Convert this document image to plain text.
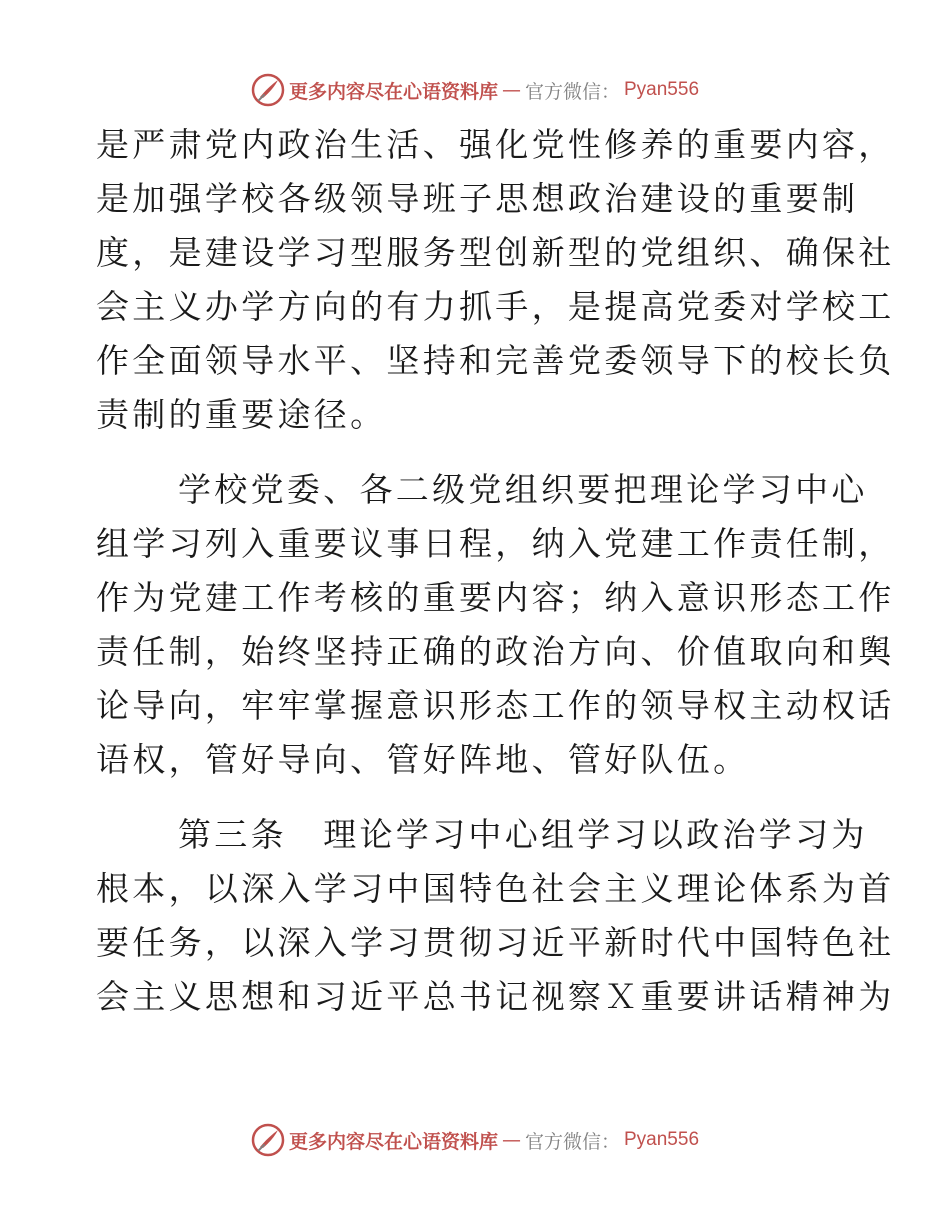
更多内容尽在心语资料库 — 官方微信： Pyan556
是严肃党内政治生活、强化党性修养的重要内容，
是加强学校各级领导班子思想政治建设的重要制
度，是建设学习型服务型创新型的党组织、确保社
会主义办学方向的有力抓手，是提高党委对学校工
作全面领导水平、坚持和完善党委领导下的校长负
责制的重要途径。
学校党委、各二级党组织要把理论学习中心
组学习列入重要议事日程，纳入党建工作责任制，
作为党建工作考核的重要内容；纳入意识形态工作
责任制，始终坚持正确的政治方向、价值取向和舆
论导向，牢牢掌握意识形态工作的领导权主动权话
语权，管好导向、管好阵地、管好队伍。
第三条　理论学习中心组学习以政治学习为
根本，以深入学习中国特色社会主义理论体系为首
要任务，以深入学习贯彻习近平新时代中国特色社
会主义思想和习近平总书记视察Ｘ重要讲话精神为
更多内容尽在心语资料库 — 官方微信： Pyan556
